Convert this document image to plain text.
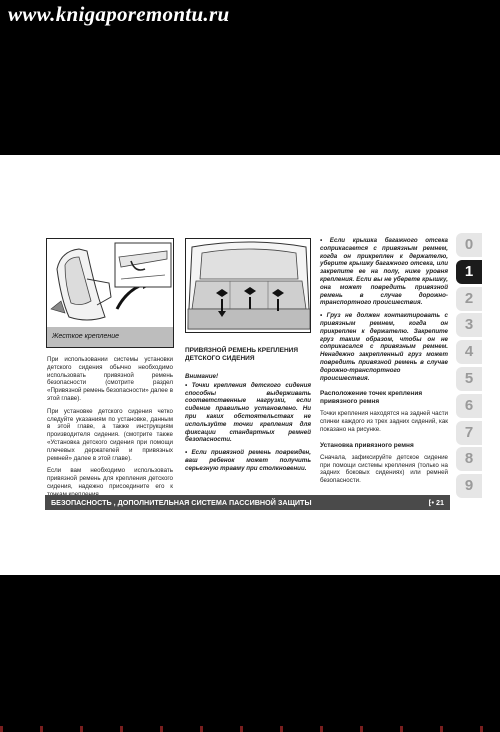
www.knigaporemontu.ru
Жесткое крепление

При использовании системы установки детского сидения обычно необходимо использовать привязной ремень безопасности (смотрите раздел «Привязной ремень безопасности» далее в этой главе).

При установке детского сидения четко следуйте указаниям по установке, данным в этой главе, а также инструкциям производителя сидения. (смотрите также «Установка детского сидения при помощи плечевых держателей и привязных ремней» далее в этой главе).

Если вам необходимо использовать привязной ремень для крепления детского сидения, надежно присоедините его к

ПРИВЯЗНОЙ РЕМЕНЬ КРЕПЛЕНИЯ ДЕТСКОГО СИДЕНИЯ
Внимание!

• Точки крепления детского сидения способны выдерживать соответственные нагрузки, если сидение правильно установлено. Ни при каких обстоятельствах не используйте точки крепления для фиксации стандартных ремней безопасности.

• Если привязной ремень поврежден, ваш ребенок может получить серьезную травму при столкновении.

• Если крышка багажного отсека соприкасается с привязным ремнем, когда он прикреплен к держателю, уберите крышку багажного отсека, или закрепите ее на полу, ниже уровня крепления. Если вы не уберете крышку, она может повредить привязной ремень в случае дорожно-транспортного происшествия.

• Груз не должен контактировать с привязным ремнем, когда он прикреплен к держателю. Закрепите груз таким образом, чтобы он не соприкасался с привязным ремнем. Ненадежно закрепленный груз может повредить привязной ремень в случае дорожно-транспортного происшествия.

Расположение точек крепления привязного ремня

Точки крепления находятся на задней части спинки каждого из трех задних сидений, как показано на рисунке.

Установка привязного ремня

Сначала, зафиксируйте детское сидение при помощи системы крепления (только на задних боковых сидениях) или ремней безопасности.

БЕЗОПАСНОСТЬ , ДОПОЛНИТЕЛЬНАЯ СИСТЕМА ПАССИВНОЙ ЗАЩИТЫ	⁅• 21
0
1
2
3
4
5
6
7
8
9
